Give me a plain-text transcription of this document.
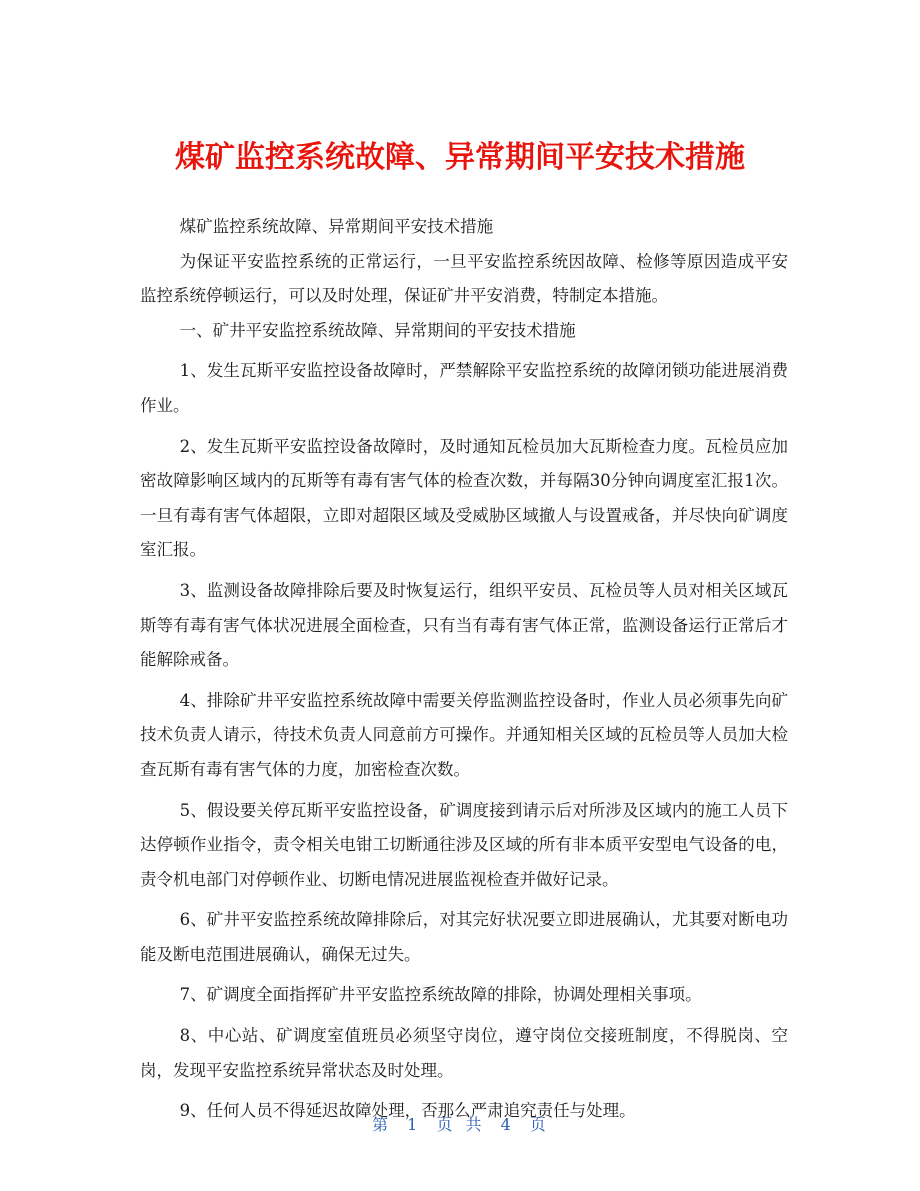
煤矿监控系统故障、异常期间平安技术措施

煤矿监控系统故障、异常期间平安技术措施

为保证平安监控系统的正常运行，一旦平安监控系统因故障、检修等原因造成平安监控系统停顿运行，可以及时处理，保证矿井平安消费，特制定本措施。

一、矿井平安监控系统故障、异常期间的平安技术措施

1、发生瓦斯平安监控设备故障时，严禁解除平安监控系统的故障闭锁功能进展消费作业。

2、发生瓦斯平安监控设备故障时，及时通知瓦检员加大瓦斯检查力度。瓦检员应加密故障影响区域内的瓦斯等有毒有害气体的检查次数，并每隔30分钟向调度室汇报1次。一旦有毒有害气体超限，立即对超限区域及受威胁区域撤人与设置戒备，并尽快向矿调度室汇报。

3、监测设备故障排除后要及时恢复运行，组织平安员、瓦检员等人员对相关区域瓦斯等有毒有害气体状况进展全面检查，只有当有毒有害气体正常，监测设备运行正常后才能解除戒备。

4、排除矿井平安监控系统故障中需要关停监测监控设备时，作业人员必须事先向矿技术负责人请示，待技术负责人同意前方可操作。并通知相关区域的瓦检员等人员加大检查瓦斯有毒有害气体的力度，加密检查次数。

5、假设要关停瓦斯平安监控设备，矿调度接到请示后对所涉及区域内的施工人员下达停顿作业指令，责令相关电钳工切断通往涉及区域的所有非本质平安型电气设备的电，责令机电部门对停顿作业、切断电情况进展监视检查并做好记录。

6、矿井平安监控系统故障排除后，对其完好状况要立即进展确认，尤其要对断电功能及断电范围进展确认，确保无过失。

7、矿调度全面指挥矿井平安监控系统故障的排除，协调处理相关事项。

8、中心站、矿调度室值班员必须坚守岗位，遵守岗位交接班制度，不得脱岗、空岗，发现平安监控系统异常状态及时处理。

9、任何人员不得延迟故障处理，否那么严肃追究责任与处理。

第 1 页 共 4 页
